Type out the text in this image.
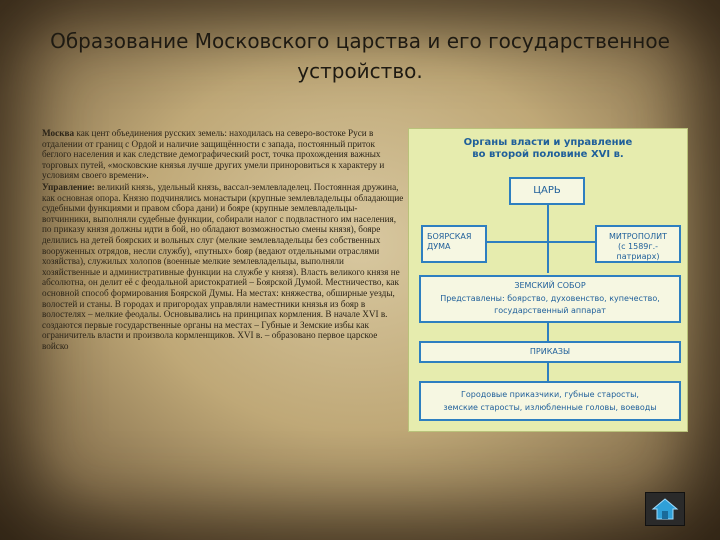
Образование Московского царства и его государственное устройство.

Москва как цент объединения русских земель: находилась на северо-востоке Руси в отдалении от границ с Ордой и наличие защищённости с запада, постоянный приток беглого населения и как следствие демографический рост, точка прохождения важных торговых путей, «московские князья лучше других умели приноровиться к характеру и условиям своего времени».

Управление: великий князь, удельный князь, вассал-землевладелец. Постоянная дружина, как основная опора. Князю подчинялись монастыри (крупные землевладельцы обладающие судебными функциями и правом сбора дани) и бояре (крупные землевладельцы-вотчинники, выполняли судебные функции, собирали налог с подвластного им населения, по приказу князя должны идти в бой, но обладают возможностью смены князя), бояре делились на детей боярских и вольных слуг (мелкие землевладельцы без собственных вооруженных отрядов, несли службу), «путных» бояр (ведают отдельными отраслями хозяйства), служилых холопов (военные мелкие землевладельцы, выполняли хозяйственные и административные функции на службе у князя). Власть великого князя не абсолютна, он делит её с феодальной аристократией – Боярской Думой. Местничество, как основной способ формирования Боярской Думы. На местах: княжества, обширные уезды, волостей и станы. В городах и пригородах управляли наместники князья из бояр в волостелях – мелкие феодалы. Основывались на принципах кормления. В начале XVI в. создаются первые государственные органы на местах – Губные и Земские избы как ограничитель власти и произвола кормленщиков. XVI в. – образовано первое царское войско

Органы власти и управление
во второй половине XVI в.
ЦАРЬ
БОЯРСКАЯ
ДУМА
МИТРОПОЛИТ
(с 1589г.-патриарх)
ЗЕМСКИЙ СОБОР
Представлены: боярство, духовенство, купечество,
государственный аппарат
ПРИКАЗЫ
Городовые приказчики, губные старосты,
земские старосты, излюбленные головы, воеводы
